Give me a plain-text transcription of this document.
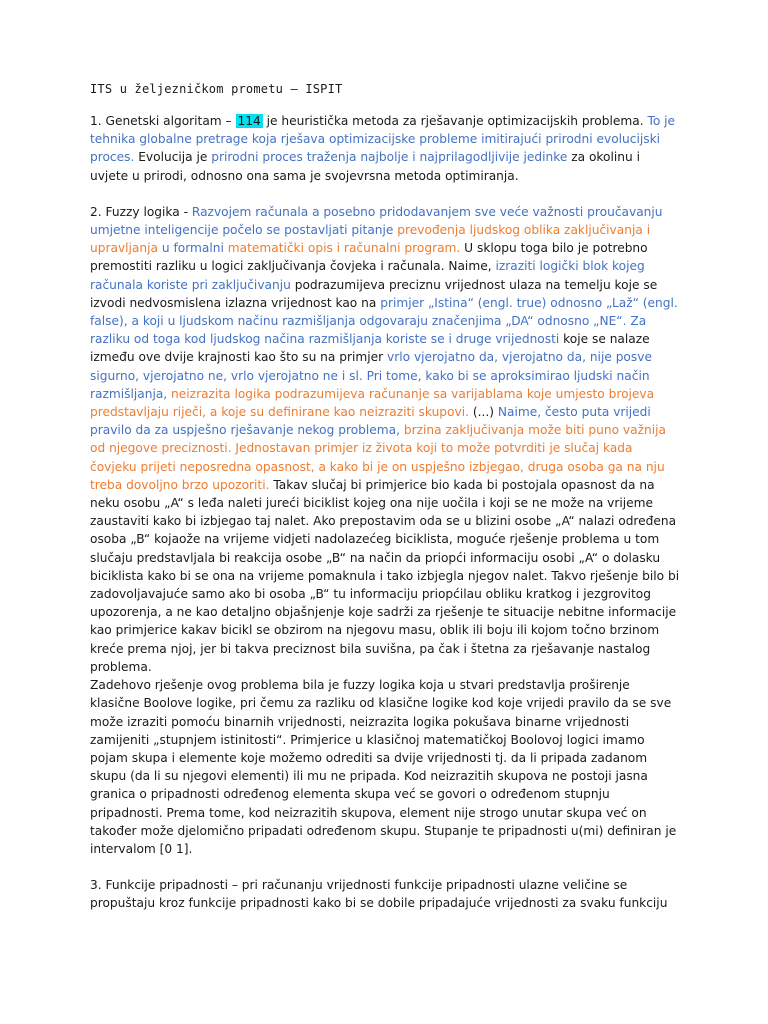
ITS u željezničkom prometu – ISPIT
1. Genetski algoritam – 114 je heuristička metoda za rješavanje optimizacijskih problema. To je tehnika globalne pretrage koja rješava optimizacijske probleme imitirajući prirodni evolucijski proces. Evolucija je prirodni proces traženja najbolje i najprilagodljivije jedinke za okolinu i uvjete u prirodi, odnosno ona sama je svojevrsna metoda optimiranja.
2. Fuzzy logika - Razvojem računala a posebno pridodavanjem sve veće važnosti proučavanju umjetne inteligencije počelo se postavljati pitanje prevođenja ljudskog oblika zaključivanja i upravljanja u formalni matematički opis i računalni program. U sklopu toga bilo je potrebno premostiti razliku u logici zaključivanja čovjeka i računala. Naime, izraziti logički blok kojeg računala koriste pri zaključivanju podrazumijeva preciznu vrijednost ulaza na temelju koje se izvodi nedvosmislena izlazna vrijednost kao na primjer „Istina“ (engl. true) odnosno „Laž“ (engl. false), a koji u ljudskom načinu razmišljanja odgovaraju značenjima „DA“ odnosno „NE“. Za razliku od toga kod ljudskog načina razmišljanja koriste se i druge vrijednosti koje se nalaze između ove dvije krajnosti kao što su na primjer vrlo vjerojatno da, vjerojatno da, nije posve sigurno, vjerojatno ne, vrlo vjerojatno ne i sl. Pri tome, kako bi se aproksimirao ljudski način razmišljanja, neizrazita logika podrazumijeva računanje sa varijablama koje umjesto brojeva predstavljaju riječi, a koje su definirane kao neizraziti skupovi. (...) Naime, često puta vrijedi pravilo da za uspješno rješavanje nekog problema, brzina zaključivanja može biti puno važnija od njegove preciznosti. Jednostavan primjer iz života koji to može potvrditi je slučaj kada čovjeku prijeti neposredna opasnost, a kako bi je on uspješno izbjegao, druga osoba ga na nju treba dovoljno brzo upozoriti. Takav slučaj bi primjerice bio kada bi postojala opasnost da na neku osobu „A“ s leđa naleti jureći biciklist kojeg ona nije uočila i koji se ne može na vrijeme zaustaviti kako bi izbjegao taj nalet. Ako prepostavim oda se u blizini osobe „A“ nalazi određena osoba „B“ kojaože na vrijeme vidjeti nadolazećeg biciklista, moguće rješenje problema u tom slučaju predstavljala bi reakcija osobe „B“ na način da priopći informaciju osobi „A“ o dolasku biciklista kako bi se ona na vrijeme pomaknula i tako izbjegla njegov nalet. Takvo rješenje bilo bi zadovoljavajuće samo ako bi osoba „B“ tu informaciju priopćilau obliku kratkog i jezgrovitog upozorenja, a ne kao detaljno objašnjenje koje sadrži za rješenje te situacije nebitne informacije kao primjerice kakav bicikl se obzirom na njegovu masu, oblik ili boju ili kojom točno brzinom kreće prema njoj, jer bi takva preciznost bila suvišna, pa čak i štetna za rješavanje nastalog problema.
Zadehovo rješenje ovog problema bila je fuzzy logika koja u stvari predstavlja proširenje klasične Boolove logike, pri čemu za razliku od klasične logike kod koje vrijedi pravilo da se sve može izraziti pomoću binarnih vrijednosti, neizrazita logika pokušava binarne vrijednosti zamijeniti „stupnjem istinitosti“. Primjerice u klasičnoj matematičkoj Boolovoj logici imamo pojam skupa i elemente koje možemo odrediti sa dvije vrijednosti tj. da li pripada zadanom skupu (da li su njegovi elementi) ili mu ne pripada. Kod neizrazitih skupova ne postoji jasna granica o pripadnosti određenog elementa skupa već se govori o određenom stupnju pripadnosti. Prema tome, kod neizrazitih skupova, element nije strogo unutar skupa već on također može djelomično pripadati određenom skupu. Stupanje te pripadnosti u(mi) definiran je intervalom [0 1].
3. Funkcije pripadnosti – pri računanju vrijednosti funkcije pripadnosti ulazne veličine se propuštaju kroz funkcije pripadnosti kako bi se dobile pripadajuće vrijednosti za svaku funkciju
